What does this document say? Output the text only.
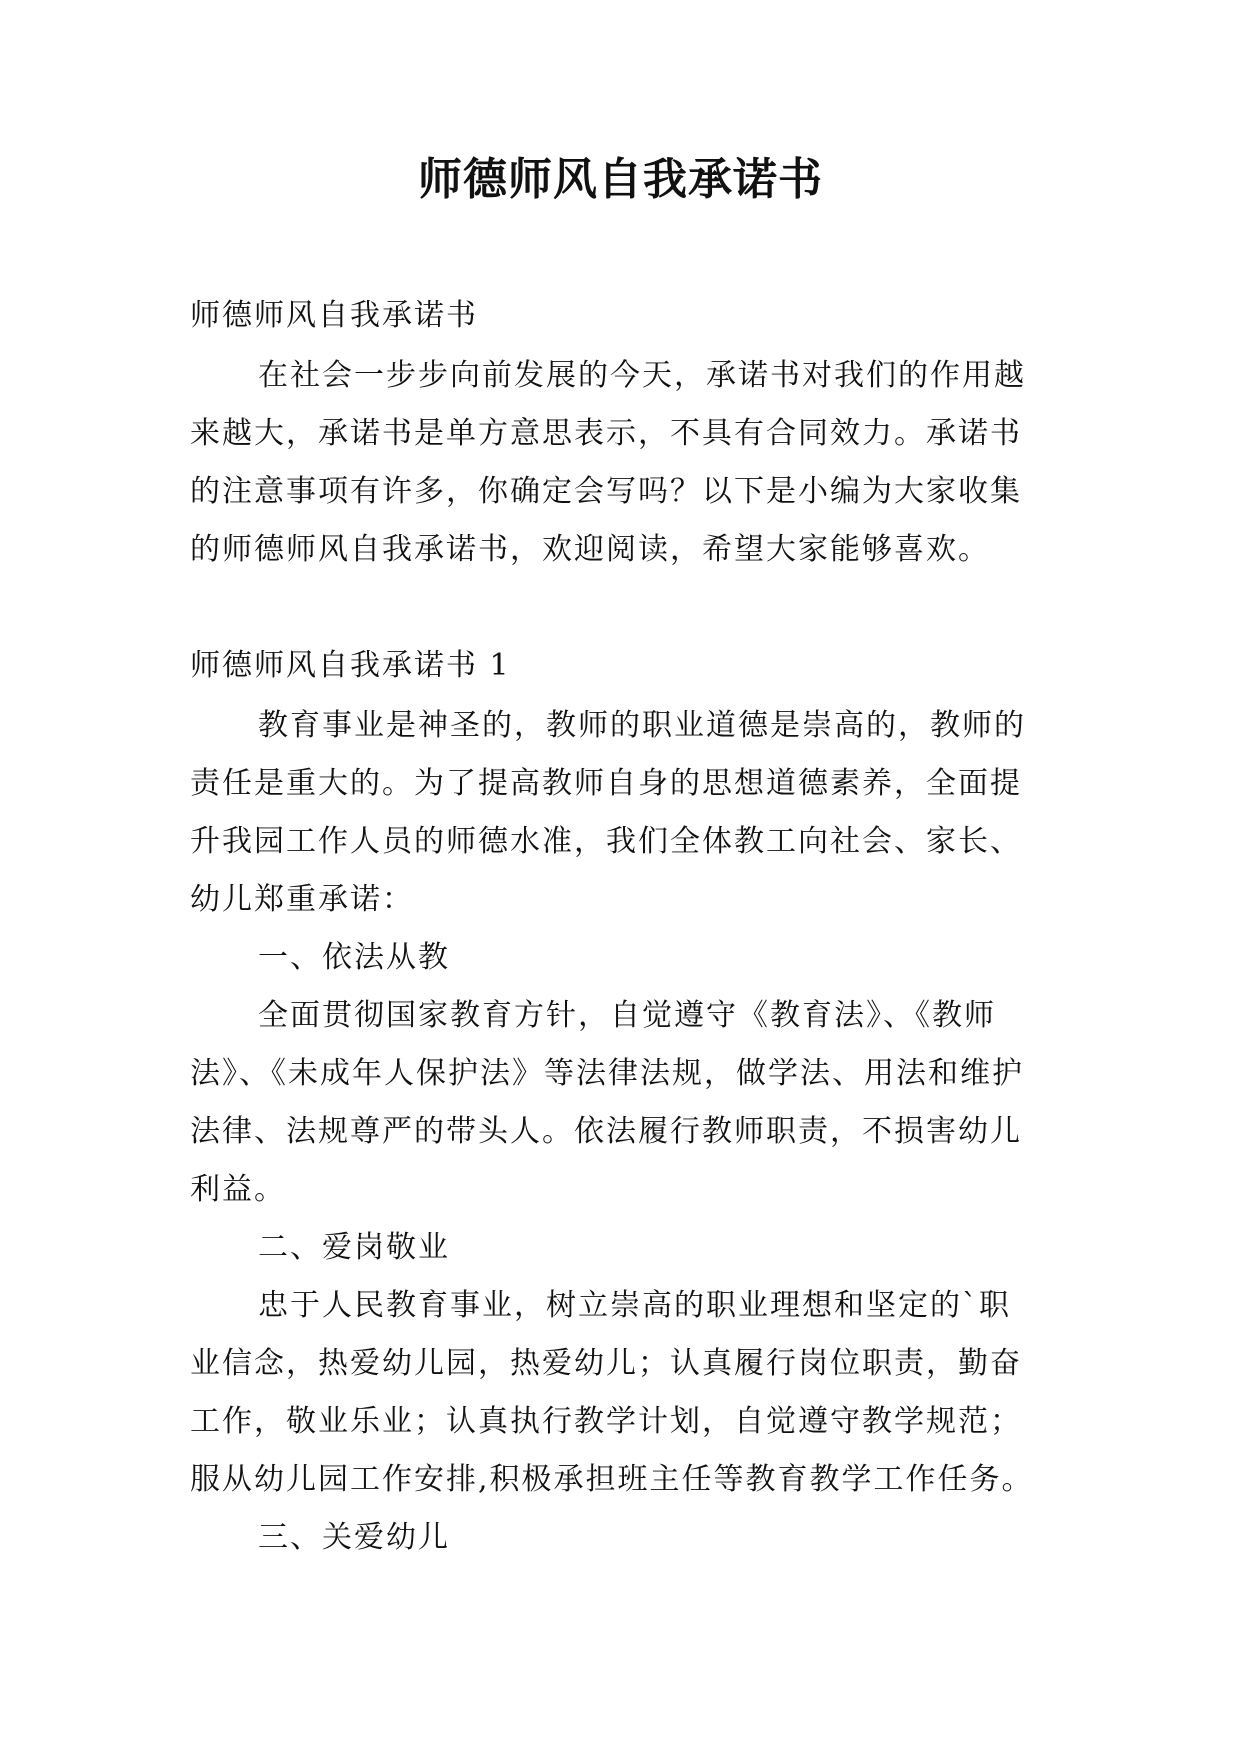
师德师风自我承诺书
师德师风自我承诺书
在社会一步步向前发展的今天，承诺书对我们的作用越
来越大，承诺书是单方意思表示，不具有合同效力。承诺书
的注意事项有许多，你确定会写吗？以下是小编为大家收集
的师德师风自我承诺书，欢迎阅读，希望大家能够喜欢。
师德师风自我承诺书 1
教育事业是神圣的，教师的职业道德是崇高的，教师的
责任是重大的。为了提高教师自身的思想道德素养，全面提
升我园工作人员的师德水准，我们全体教工向社会、家长、
幼儿郑重承诺：
一、依法从教
全面贯彻国家教育方针，自觉遵守《教育法》、《教师
法》、《未成年人保护法》等法律法规，做学法、用法和维护
法律、法规尊严的带头人。依法履行教师职责，不损害幼儿
利益。
二、爱岗敬业
忠于人民教育事业，树立崇高的职业理想和坚定的`职
业信念，热爱幼儿园，热爱幼儿；认真履行岗位职责，勤奋
工作，敬业乐业；认真执行教学计划，自觉遵守教学规范；
服从幼儿园工作安排,积极承担班主任等教育教学工作任务。
三、关爱幼儿
